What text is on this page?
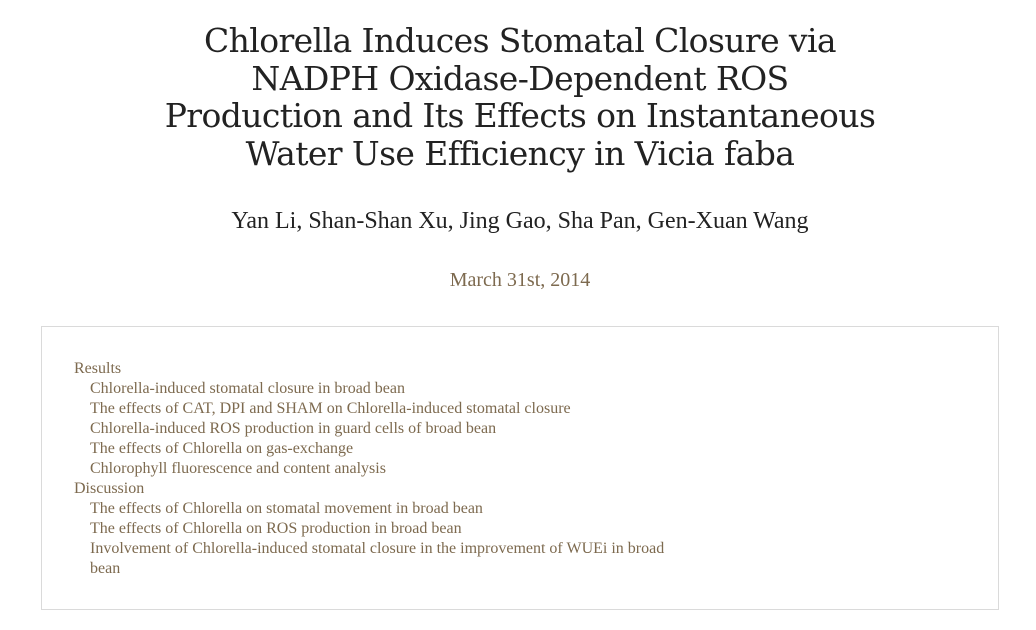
Chlorella Induces Stomatal Closure via
NADPH Oxidase-Dependent ROS
Production and Its Effects on Instantaneous
Water Use Efficiency in Vicia faba
Yan Li, Shan-Shan Xu, Jing Gao, Sha Pan, Gen-Xuan Wang
March 31st, 2014
Results
Chlorella-induced stomatal closure in broad bean
The effects of CAT, DPI and SHAM on Chlorella-induced stomatal closure
Chlorella-induced ROS production in guard cells of broad bean
The effects of Chlorella on gas-exchange
Chlorophyll fluorescence and content analysis
Discussion
The effects of Chlorella on stomatal movement in broad bean
The effects of Chlorella on ROS production in broad bean
Involvement of Chlorella-induced stomatal closure in the improvement of WUEi in broad bean
